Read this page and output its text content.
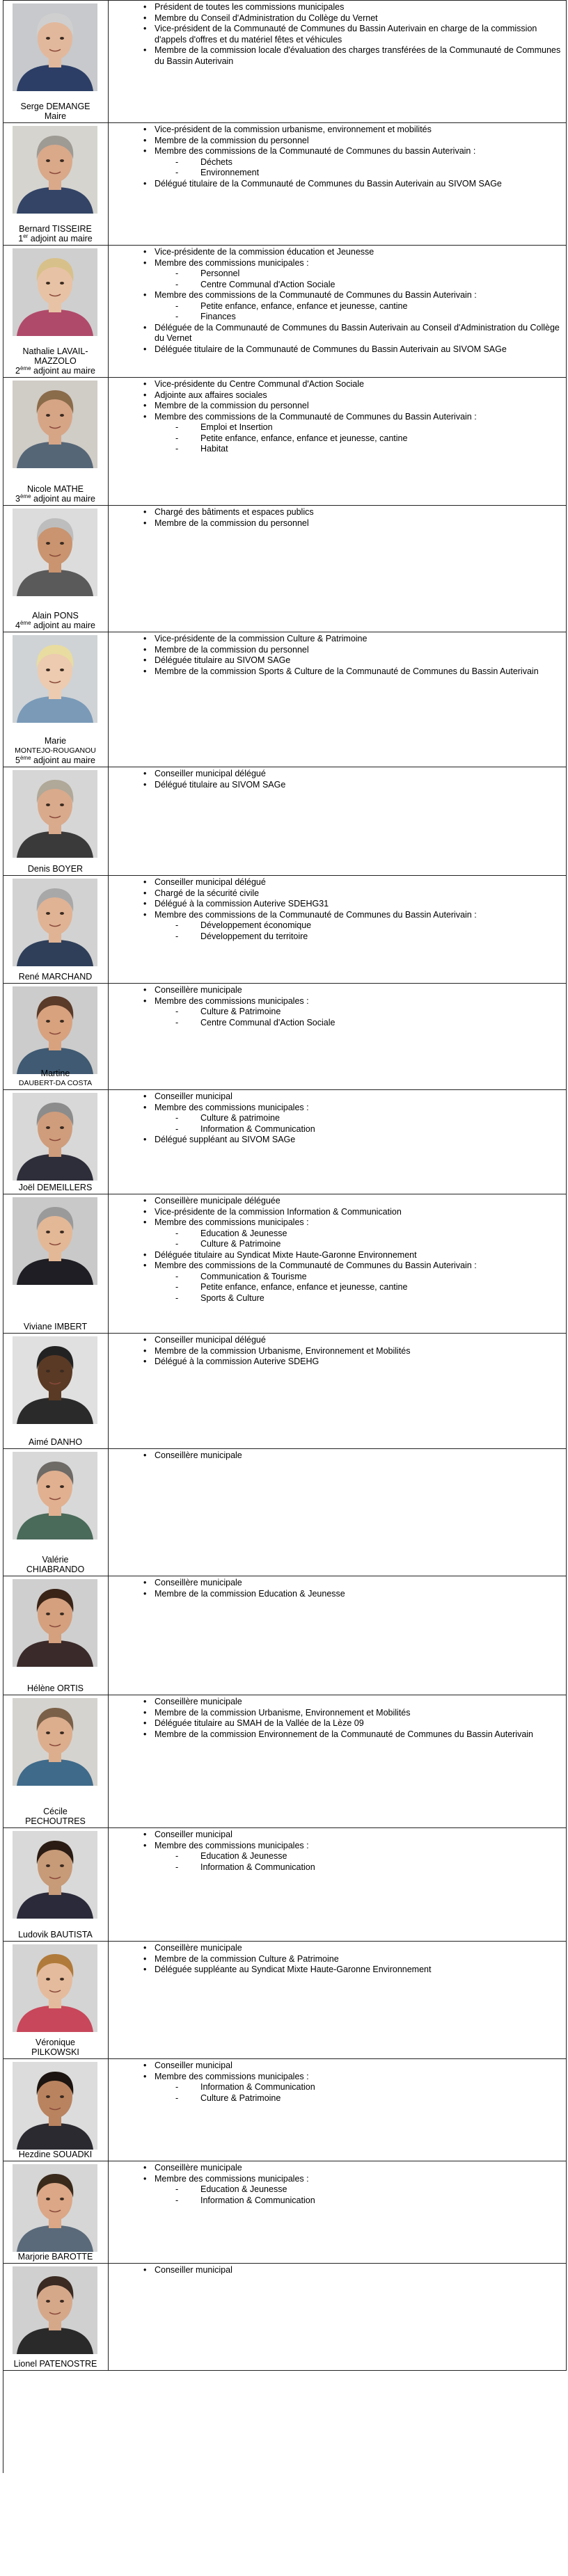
Serge DEMANGE
Maire
• Président de toutes les commissions municipales
• Membre du Conseil d'Administration du Collège du Vernet
• Vice-président de la Communauté de Communes du Bassin Auterivain en charge de la commission d'appels d'offres et du matériel fêtes et véhicules
• Membre de la commission locale d'évaluation des charges transférées de la Communauté de Communes du Bassin Auterivain
Bernard TISSEIRE
1er adjoint au maire
• Vice-président de la commission urbanisme, environnement et mobilités
• Membre de la commission du personnel
• Membre des commissions de la Communauté de Communes du bassin Auterivain :
- Déchets
- Environnement
• Délégué titulaire de la Communauté de Communes du Bassin Auterivain au SIVOM SAGe
Nathalie LAVAIL-MAZZOLO
2ème adjoint au maire
• Vice-présidente de la commission éducation et Jeunesse
• Membre des commissions municipales :
- Personnel
- Centre Communal d'Action Sociale
• Membre des commissions de la Communauté de Communes du Bassin Auterivain :
- Petite enfance, enfance, enfance et jeunesse, cantine
- Finances
• Déléguée de la Communauté de Communes du Bassin Auterivain au Conseil d'Administration du Collège du Vernet
• Déléguée titulaire de la Communauté de Communes du Bassin Auterivain au SIVOM SAGe
Nicole MATHE
3ème adjoint au maire
• Vice-présidente du Centre Communal d'Action Sociale
• Adjointe aux affaires sociales
• Membre de la commission du personnel
• Membre des commissions de la Communauté de Communes du Bassin Auterivain :
- Emploi et Insertion
- Petite enfance, enfance, enfance et jeunesse, cantine
- Habitat
Alain PONS
4ème adjoint au maire
• Chargé des bâtiments et espaces publics
• Membre de la commission du personnel
Marie
MONTEJO-ROUGANOU
5ème adjoint au maire
• Vice-présidente de la commission Culture & Patrimoine
• Membre de la commission du personnel
• Déléguée titulaire au SIVOM SAGe
• Membre de la commission Sports & Culture de la Communauté de Communes du Bassin Auterivain
Denis BOYER
• Conseiller municipal délégué
• Délégué titulaire au SIVOM SAGe
René MARCHAND
• Conseiller municipal délégué
• Chargé de la sécurité civile
• Délégué à la commission Auterive SDEHG31
• Membre des commissions de la Communauté de Communes du Bassin Auterivain :
- Développement économique
- Développement du territoire
Martine
DAUBERT-DA COSTA
• Conseillère municipale
• Membre des commissions municipales :
- Culture & Patrimoine
- Centre Communal d'Action Sociale
Joël DEMEILLERS
• Conseiller municipal
• Membre des commissions municipales :
- Culture & patrimoine
- Information & Communication
• Délégué suppléant au SIVOM SAGe
Viviane IMBERT
• Conseillère municipale déléguée
• Vice-présidente de la commission Information & Communication
• Membre des commissions municipales :
- Education & Jeunesse
- Culture & Patrimoine
• Déléguée titulaire au Syndicat Mixte Haute-Garonne Environnement
• Membre des commissions de la Communauté de Communes du Bassin Auterivain :
- Communication & Tourisme
- Petite enfance, enfance, enfance et jeunesse, cantine
- Sports & Culture
Aimé DANHO
• Conseiller municipal délégué
• Membre de la commission Urbanisme, Environnement et Mobilités
• Délégué à la commission Auterive SDEHG
Valérie
CHIABRANDO
• Conseillère municipale
Hélène ORTIS
• Conseillère municipale
• Membre de la commission Education & Jeunesse
Cécile
PECHOUTRES
• Conseillère municipale
• Membre de la commission Urbanisme, Environnement et Mobilités
• Déléguée titulaire au SMAH de la Vallée de la Lèze 09
• Membre de la commission Environnement de la Communauté de Communes du Bassin Auterivain
Ludovik BAUTISTA
• Conseiller municipal
• Membre des commissions municipales :
- Education & Jeunesse
- Information & Communication
Véronique
PILKOWSKI
• Conseillère municipale
• Membre de la commission Culture & Patrimoine
• Déléguée suppléante au Syndicat Mixte Haute-Garonne Environnement
Hezdine SOUADKI
• Conseiller municipal
• Membre des commissions municipales :
- Information & Communication
- Culture & Patrimoine
Marjorie BAROTTE
• Conseillère municipale
• Membre des commissions municipales :
- Education & Jeunesse
- Information & Communication
Lionel PATENOSTRE
• Conseiller municipal
